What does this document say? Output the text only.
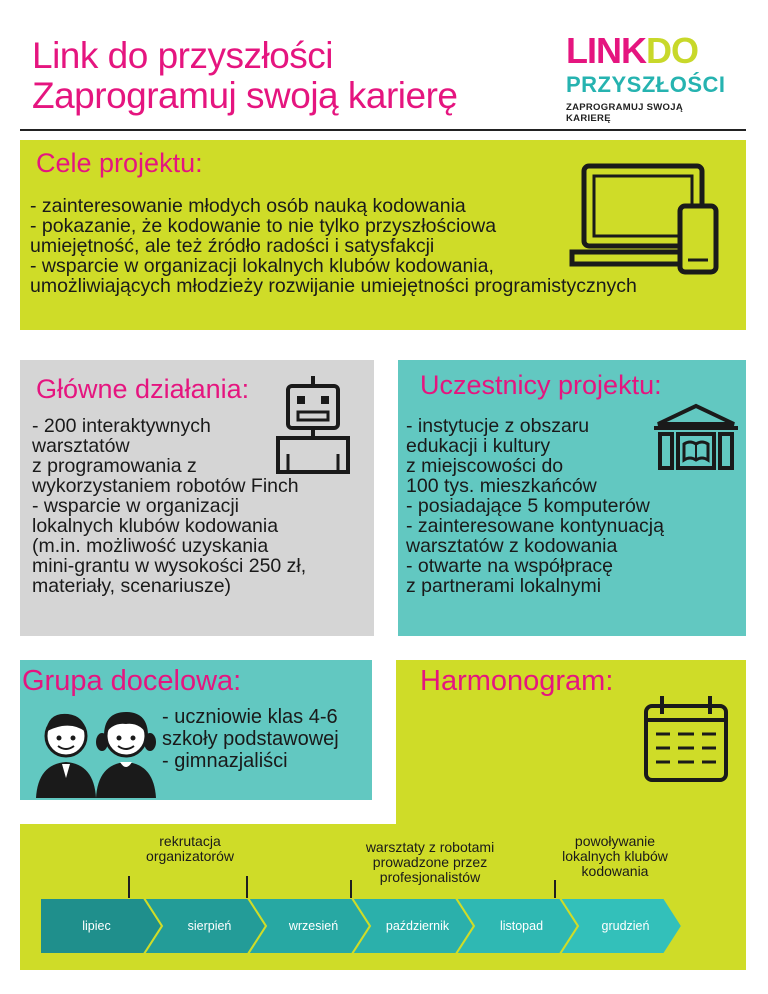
Link do przyszłości
Zaprogramuj swoją karierę
LINKDO
PRZYSZŁOŚCI
ZAPROGRAMUJ SWOJĄ KARIERĘ
Cele projektu:
- zainteresowanie młodych osób nauką kodowania
- pokazanie, że kodowanie to nie tylko przyszłościowa
umiejętność, ale też źródło radości i satysfakcji
- wsparcie w organizacji lokalnych klubów kodowania,
umożliwiających młodzieży rozwijanie umiejętności programistycznych
Główne działania:
- 200 interaktywnych
warsztatów
z programowania z
wykorzystaniem robotów Finch
- wsparcie w organizacji
lokalnych klubów kodowania
(m.in. możliwość uzyskania
mini-grantu w wysokości 250 zł,
materiały, scenariusze)
Uczestnicy projektu:
- instytucje z obszaru
edukacji i kultury
z miejscowości do
100 tys. mieszkańców
- posiadające 5 komputerów
- zainteresowane kontynuacją
warsztatów z kodowania
- otwarte na współpracę
z partnerami lokalnymi
Grupa docelowa:
- uczniowie klas 4-6
szkoły podstawowej
- gimnazjaliści
Harmonogram:
rekrutacja
organizatorów
warsztaty z robotami
prowadzone przez
profesjonalistów
powoływanie
lokalnych klubów
kodowania
lipiec	sierpień	wrzesień	październik	listopad	grudzień
